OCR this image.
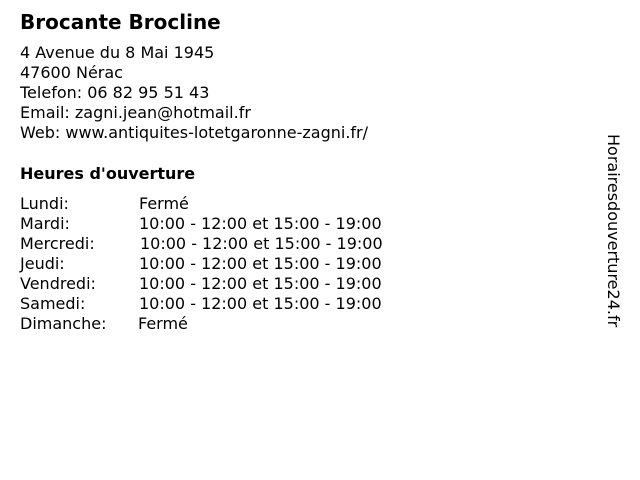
Brocante Brocline
4 Avenue du 8 Mai 1945
47600 Nérac
Telefon: 06 82 95 51 43
Email: zagni.jean@hotmail.fr
Web: www.antiquites-lotetgaronne-zagni.fr/
Heures d'ouverture
Lundi:	Fermé
Mardi:	10:00 - 12:00 et 15:00 - 19:00
Mercredi:	10:00 - 12:00 et 15:00 - 19:00
Jeudi:	10:00 - 12:00 et 15:00 - 19:00
Vendredi:	10:00 - 12:00 et 15:00 - 19:00
Samedi:	10:00 - 12:00 et 15:00 - 19:00
Dimanche: Fermé	Horairesdouverture24.fr
